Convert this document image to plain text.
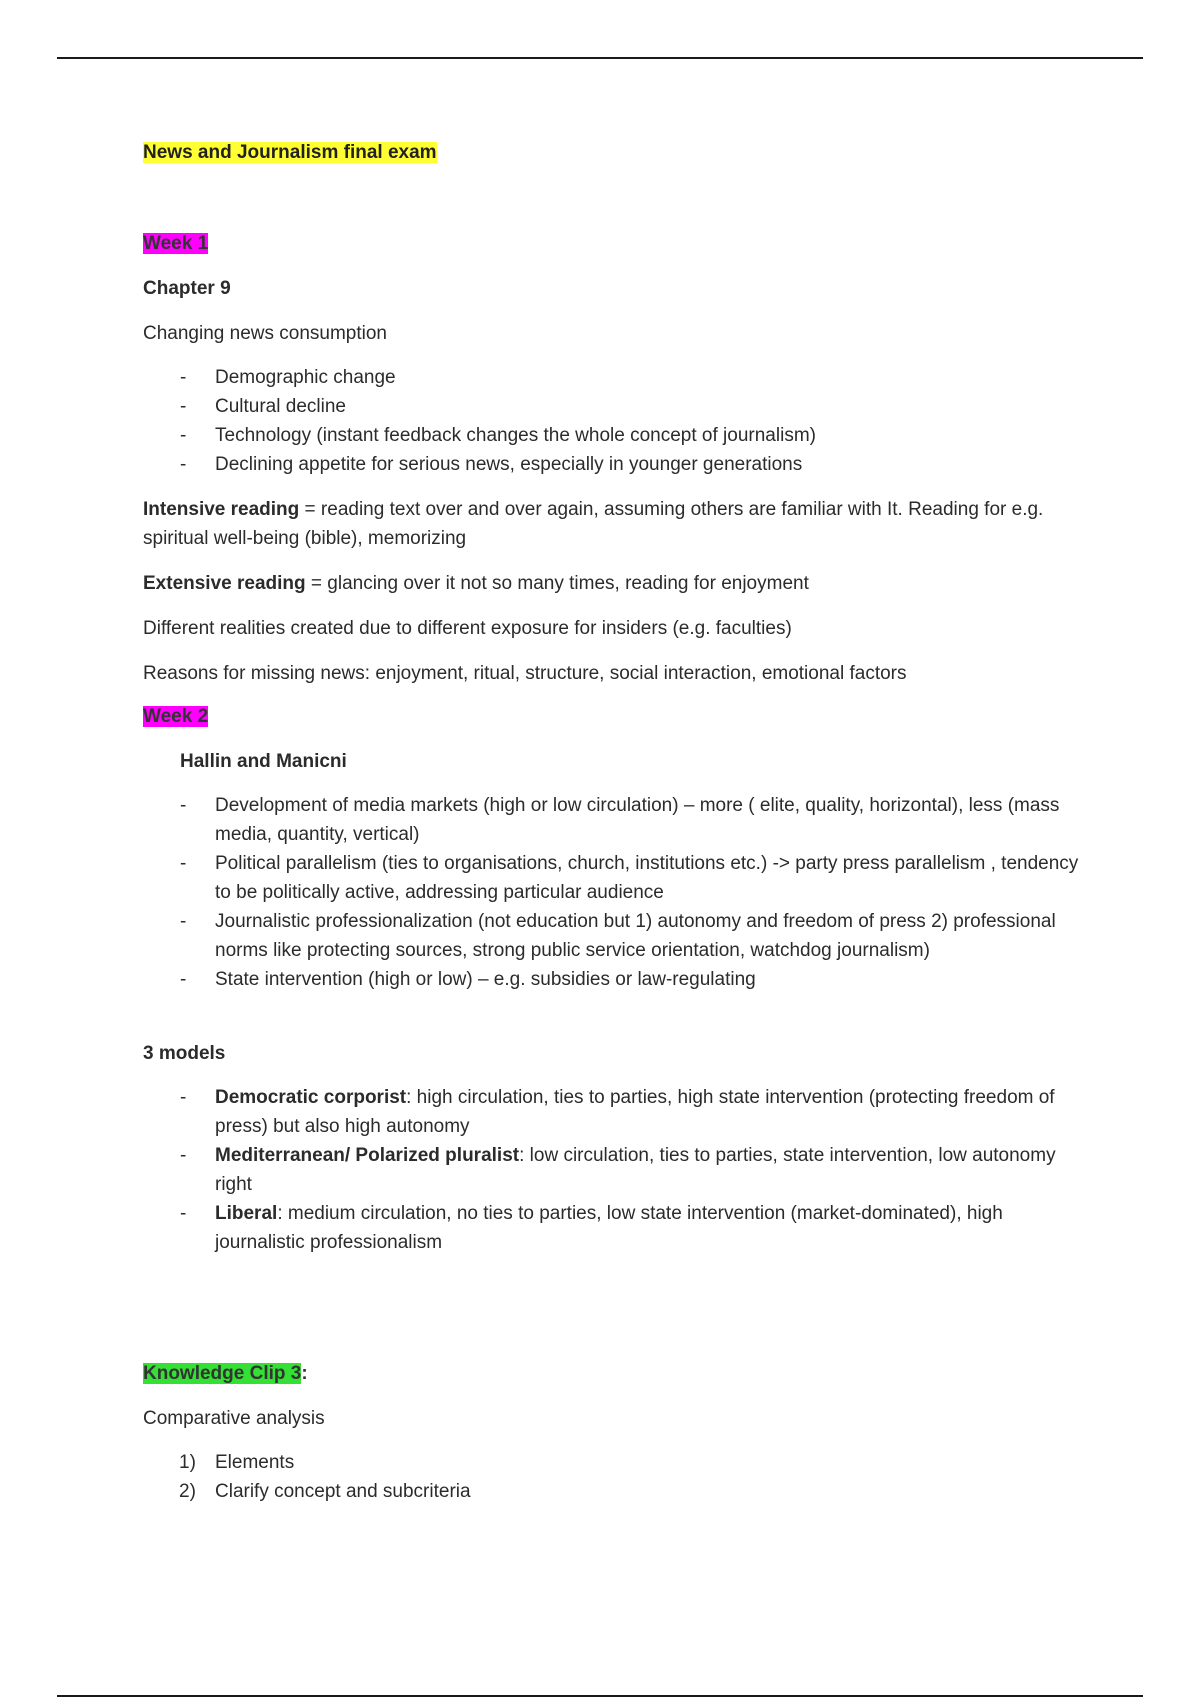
News and Journalism final exam

Week 1

Chapter 9

Changing news consumption

- Demographic change
- Cultural decline
- Technology (instant feedback changes the whole concept of journalism)
- Declining appetite for serious news, especially in younger generations

Intensive reading = reading text over and over again, assuming others are familiar with It. Reading for e.g. spiritual well-being (bible), memorizing

Extensive reading = glancing over it not so many times, reading for enjoyment

Different realities created due to different exposure for insiders (e.g. faculties)

Reasons for missing news: enjoyment, ritual, structure, social interaction, emotional factors

Week 2

Hallin and Manicni

- Development of media markets (high or low circulation) – more ( elite, quality, horizontal), less (mass media, quantity, vertical)
- Political parallelism (ties to organisations, church, institutions etc.) -> party press parallelism , tendency to be politically active, addressing particular audience
- Journalistic professionalization (not education but 1) autonomy and freedom of press 2) professional norms like protecting sources, strong public service orientation, watchdog journalism)
- State intervention (high or low) – e.g. subsidies or law-regulating

3 models

- Democratic corporist: high circulation, ties to parties, high state intervention (protecting freedom of press) but also high autonomy
- Mediterranean/ Polarized pluralist: low circulation, ties to parties, state intervention, low autonomy right
- Liberal: medium circulation, no ties to parties, low state intervention (market-dominated), high journalistic professionalism

Knowledge Clip 3:

Comparative analysis

1) Elements
2) Clarify concept and subcriteria
